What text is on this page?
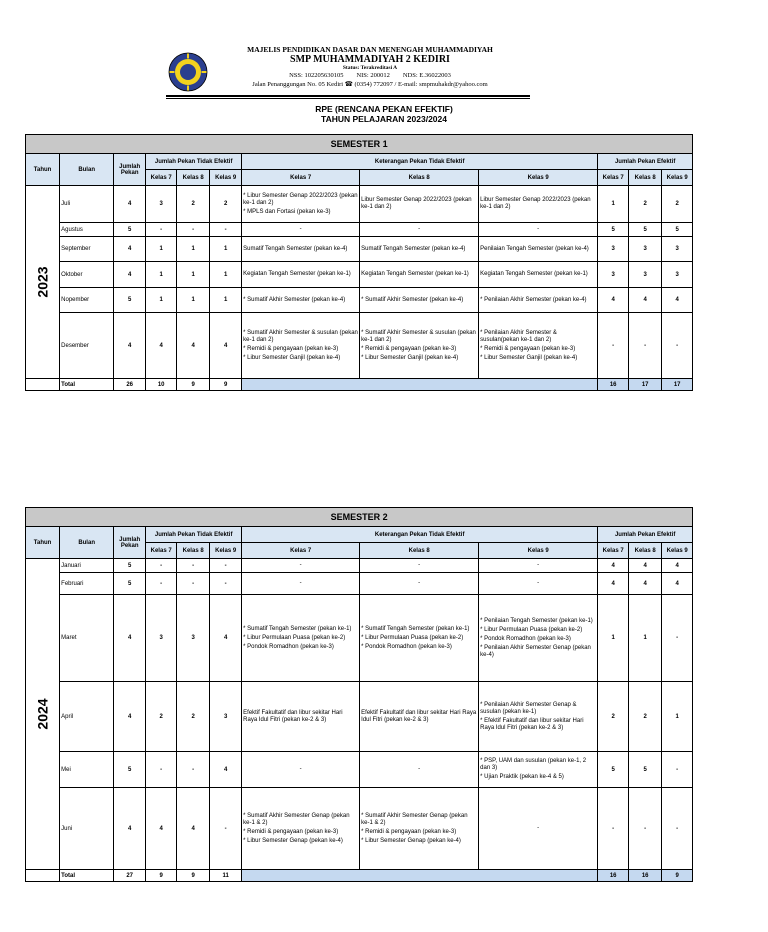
MAJELIS PENDIDIKAN DASAR DAN MENENGAH MUHAMMADIYAH
SMP MUHAMMADIYAH 2 KEDIRI
Status: Terakreditasi A
NSS: 102205630105        NIS: 200012        NDS: E.36022003
Jalan Penanggungan No. 05 Kediri ☎ (0354) 772097 / E-mail: smpmuhakdr@yahoo.com
RPE (RENCANA PEKAN EFEKTIF)
TAHUN PELAJARAN 2023/2024
SEMESTER 1											
Tahun	Bulan	Jumlah Pekan	Jumlah Pekan Tidak Efektif			Keterangan Pekan Tidak Efektif			Jumlah Pekan Efektif		
			Kelas 7	Kelas 8	Kelas 9	Kelas 7	Kelas 8	Kelas 9	Kelas 7	Kelas 8	Kelas 9
2023	Juli	4	3	2	2	* Libur Semester Genap 2022/2023 (pekan ke-1 dan 2)
* MPLS dan Fortasi (pekan ke-3)	Libur Semester Genap 2022/2023 (pekan ke-1 dan 2)	Libur Semester Genap 2022/2023 (pekan ke-1 dan 2)	1	2	2
	Agustus	5	-	-	-	-	-	-	5	5	5
	September	4	1	1	1	Sumatif Tengah Semester (pekan ke-4)	Sumatif Tengah Semester (pekan ke-4)	Penilaian Tengah Semester (pekan ke-4)	3	3	3
	Oktober	4	1	1	1	Kegiatan Tengah Semester (pekan ke-1)	Kegiatan Tengah Semester (pekan ke-1)	Kegiatan Tengah Semester (pekan ke-1)	3	3	3
	Nopember	5	1	1	1	* Sumatif Akhir Semester (pekan ke-4)	* Sumatif Akhir Semester (pekan ke-4)	* Penilaian Akhir Semester (pekan ke-4)	4	4	4
	Desember	4	4	4	4	* Sumatif Akhir Semester & susulan (pekan ke-1 dan 2)
* Remidi & pengayaan (pekan ke-3)
* Libur Semester Ganjil (pekan ke-4)	* Sumatif Akhir Semester & susulan (pekan ke-1 dan 2)
* Remidi & pengayaan (pekan ke-3)
* Libur Semester Ganjil (pekan ke-4)	* Penilaian Akhir Semester & susulan(pekan ke-1 dan 2)
* Remidi & pengayaan (pekan ke-3)
* Libur Semester Ganjil (pekan ke-4)	-	-	-
	Total	26	10	9	9				16	17	17
SEMESTER 2											
Tahun	Bulan	Jumlah Pekan	Jumlah Pekan Tidak Efektif			Keterangan Pekan Tidak Efektif			Jumlah Pekan Efektif		
			Kelas 7	Kelas 8	Kelas 9	Kelas 7	Kelas 8	Kelas 9	Kelas 7	Kelas 8	Kelas 9
2024	Januari	5	-	-	-	-	-	-	4	4	4
	Februari	5	-	-	-	-	-	-	4	4	4
	Maret	4	3	3	4	* Sumatif Tengah Semester (pekan ke-1)
* Libur Permulaan Puasa (pekan ke-2)
* Pondok Romadhon (pekan ke-3)	* Sumatif Tengah Semester (pekan ke-1)
* Libur Permulaan Puasa (pekan ke-2)
* Pondok Romadhon (pekan ke-3)	* Penilaian Tengah Semester (pekan ke-1)
* Libur Permulaan Puasa (pekan ke-2)
* Pondok Romadhon (pekan ke-3)
* Penilaian Akhir Semester Genap (pekan ke-4)	1	1	-
	April	4	2	2	3	Efektif Fakultatif dan libur sekitar Hari Raya Idul Fitri (pekan ke-2 & 3)	Efektif Fakultatif dan libur sekitar Hari Raya Idul Fitri (pekan ke-2 & 3)	* Penilaian Akhir Semester Genap & susulan (pekan ke-1)
* Efektif Fakultatif dan libur sekitar Hari Raya Idul Fitri (pekan ke-2 & 3)	2	2	1
	Mei	5	-	-	4	-	-	* PSP, UAM dan susulan (pekan ke-1, 2 dan 3)
* Ujian Praktik (pekan ke-4 & 5)	5	5	-
	Juni	4	4	4	-	* Sumatif Akhir Semester Genap (pekan ke-1 & 2)
* Remidi & pengayaan (pekan ke-3)
* Libur Semester Genap (pekan ke-4)	* Sumatif Akhir Semester Genap (pekan ke-1 & 2)
* Remidi & pengayaan (pekan ke-3)
* Libur Semester Genap (pekan ke-4)	-	-	-	-
	Total	27	9	9	11				16	16	9
